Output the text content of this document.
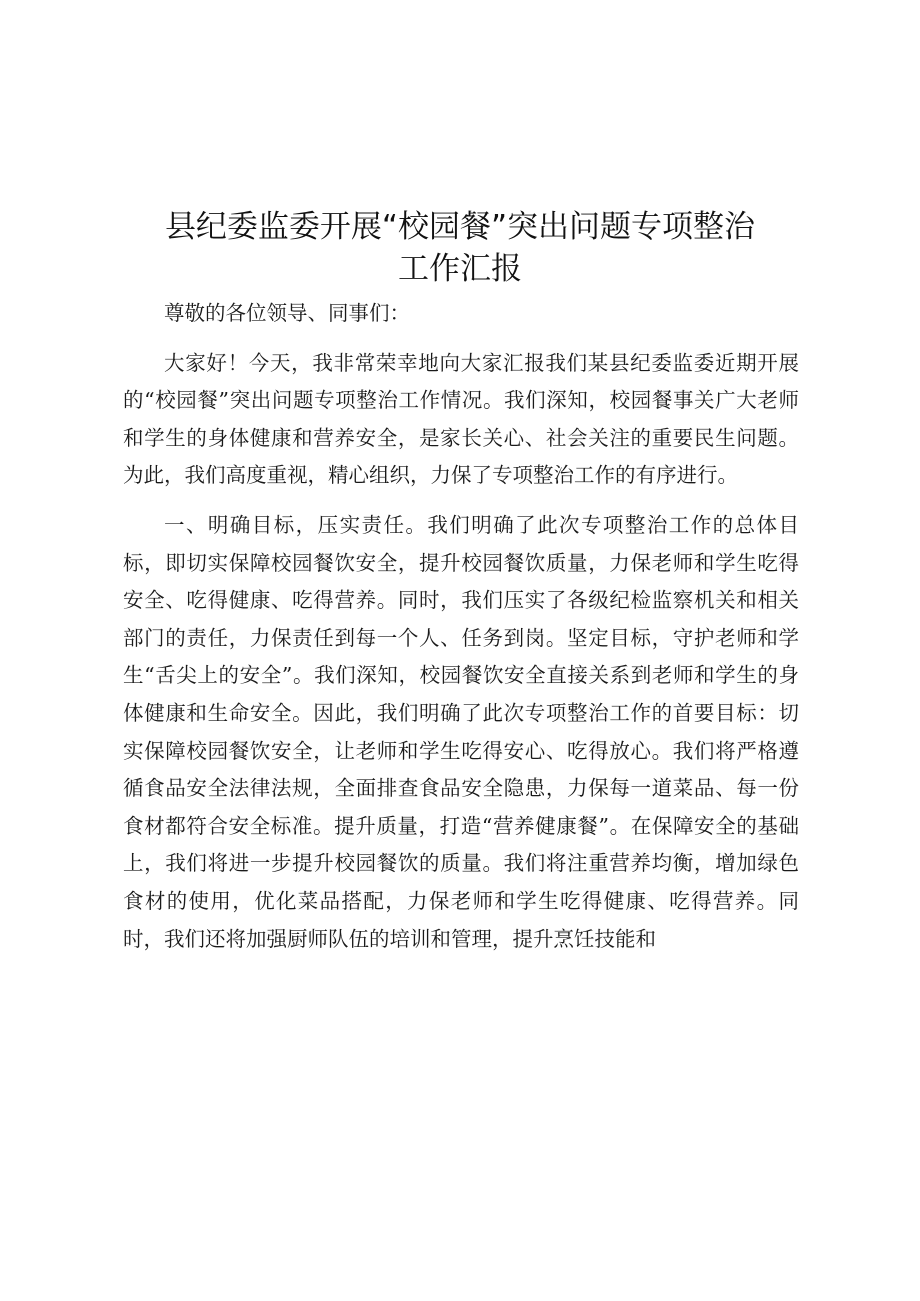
县纪委监委开展“校园餐”突出问题专项整治
工作汇报

尊敬的各位领导、同事们：

大家好！今天，我非常荣幸地向大家汇报我们某县纪委监委近期开展的“校园餐”突出问题专项整治工作情况。我们深知，校园餐事关广大老师和学生的身体健康和营养安全，是家长关心、社会关注的重要民生问题。为此，我们高度重视，精心组织，力保了专项整治工作的有序进行。

一、明确目标，压实责任。我们明确了此次专项整治工作的总体目标，即切实保障校园餐饮安全，提升校园餐饮质量，力保老师和学生吃得安全、吃得健康、吃得营养。同时，我们压实了各级纪检监察机关和相关部门的责任，力保责任到每一个人、任务到岗。坚定目标，守护老师和学生“舌尖上的安全”。我们深知，校园餐饮安全直接关系到老师和学生的身体健康和生命安全。因此，我们明确了此次专项整治工作的首要目标：切实保障校园餐饮安全，让老师和学生吃得安心、吃得放心。我们将严格遵循食品安全法律法规，全面排查食品安全隐患，力保每一道菜品、每一份食材都符合安全标准。提升质量，打造“营养健康餐”。在保障安全的基础上，我们将进一步提升校园餐饮的质量。我们将注重营养均衡，增加绿色食材的使用，优化菜品搭配，力保老师和学生吃得健康、吃得营养。同时，我们还将加强厨师队伍的培训和管理，提升烹饪技能和
